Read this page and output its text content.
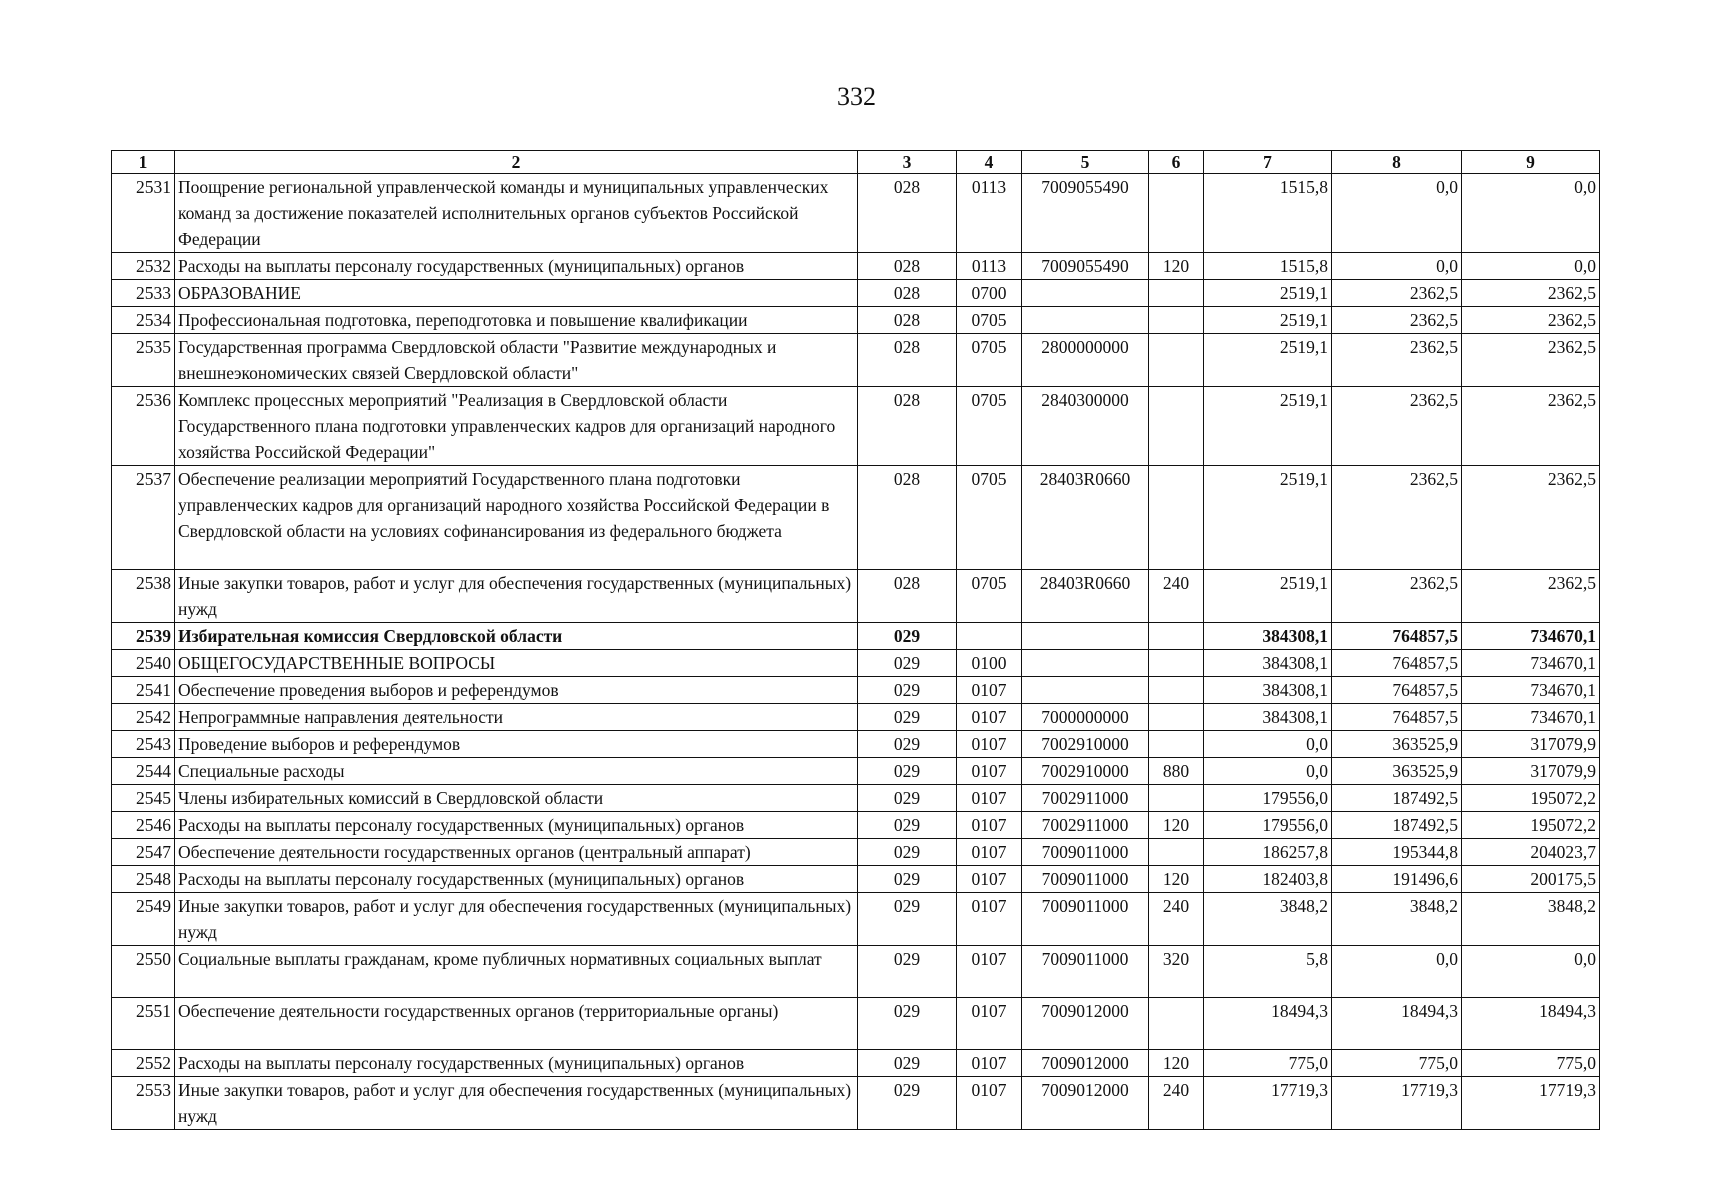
332
1	2	3	4	5	6	7	8	9
2531	Поощрение региональной управленческой команды и муниципальных управленческих команд за достижение показателей исполнительных органов субъектов Российской Федерации	028	0113	7009055490		1515,8	0,0	0,0
2532	Расходы на выплаты персоналу государственных (муниципальных) органов	028	0113	7009055490	120	1515,8	0,0	0,0
2533	ОБРАЗОВАНИЕ	028	0700			2519,1	2362,5	2362,5
2534	Профессиональная подготовка, переподготовка и повышение квалификации	028	0705			2519,1	2362,5	2362,5
2535	Государственная программа Свердловской области "Развитие международных и внешнеэкономических связей Свердловской области"	028	0705	2800000000		2519,1	2362,5	2362,5
2536	Комплекс процессных мероприятий "Реализация в Свердловской области Государственного плана подготовки управленческих кадров для организаций народного хозяйства Российской Федерации"	028	0705	2840300000		2519,1	2362,5	2362,5
2537	Обеспечение реализации мероприятий Государственного плана подготовки управленческих кадров для организаций народного хозяйства Российской Федерации в Свердловской области на условиях софинансирования из федерального бюджета	028	0705	28403R0660		2519,1	2362,5	2362,5
2538	Иные закупки товаров, работ и услуг для обеспечения государственных (муниципальных) нужд	028	0705	28403R0660	240	2519,1	2362,5	2362,5
2539	Избирательная комиссия Свердловской области	029				384308,1	764857,5	734670,1
2540	ОБЩЕГОСУДАРСТВЕННЫЕ ВОПРОСЫ	029	0100			384308,1	764857,5	734670,1
2541	Обеспечение проведения выборов и референдумов	029	0107			384308,1	764857,5	734670,1
2542	Непрограммные направления деятельности	029	0107	7000000000		384308,1	764857,5	734670,1
2543	Проведение выборов и референдумов	029	0107	7002910000		0,0	363525,9	317079,9
2544	Специальные расходы	029	0107	7002910000	880	0,0	363525,9	317079,9
2545	Члены избирательных комиссий в Свердловской области	029	0107	7002911000		179556,0	187492,5	195072,2
2546	Расходы на выплаты персоналу государственных (муниципальных) органов	029	0107	7002911000	120	179556,0	187492,5	195072,2
2547	Обеспечение деятельности государственных органов (центральный аппарат)	029	0107	7009011000		186257,8	195344,8	204023,7
2548	Расходы на выплаты персоналу государственных (муниципальных) органов	029	0107	7009011000	120	182403,8	191496,6	200175,5
2549	Иные закупки товаров, работ и услуг для обеспечения государственных (муниципальных) нужд	029	0107	7009011000	240	3848,2	3848,2	3848,2
2550	Социальные выплаты гражданам, кроме публичных нормативных социальных выплат	029	0107	7009011000	320	5,8	0,0	0,0
2551	Обеспечение деятельности государственных органов (территориальные органы)	029	0107	7009012000		18494,3	18494,3	18494,3
2552	Расходы на выплаты персоналу государственных (муниципальных) органов	029	0107	7009012000	120	775,0	775,0	775,0
2553	Иные закупки товаров, работ и услуг для обеспечения государственных (муниципальных) нужд	029	0107	7009012000	240	17719,3	17719,3	17719,3
